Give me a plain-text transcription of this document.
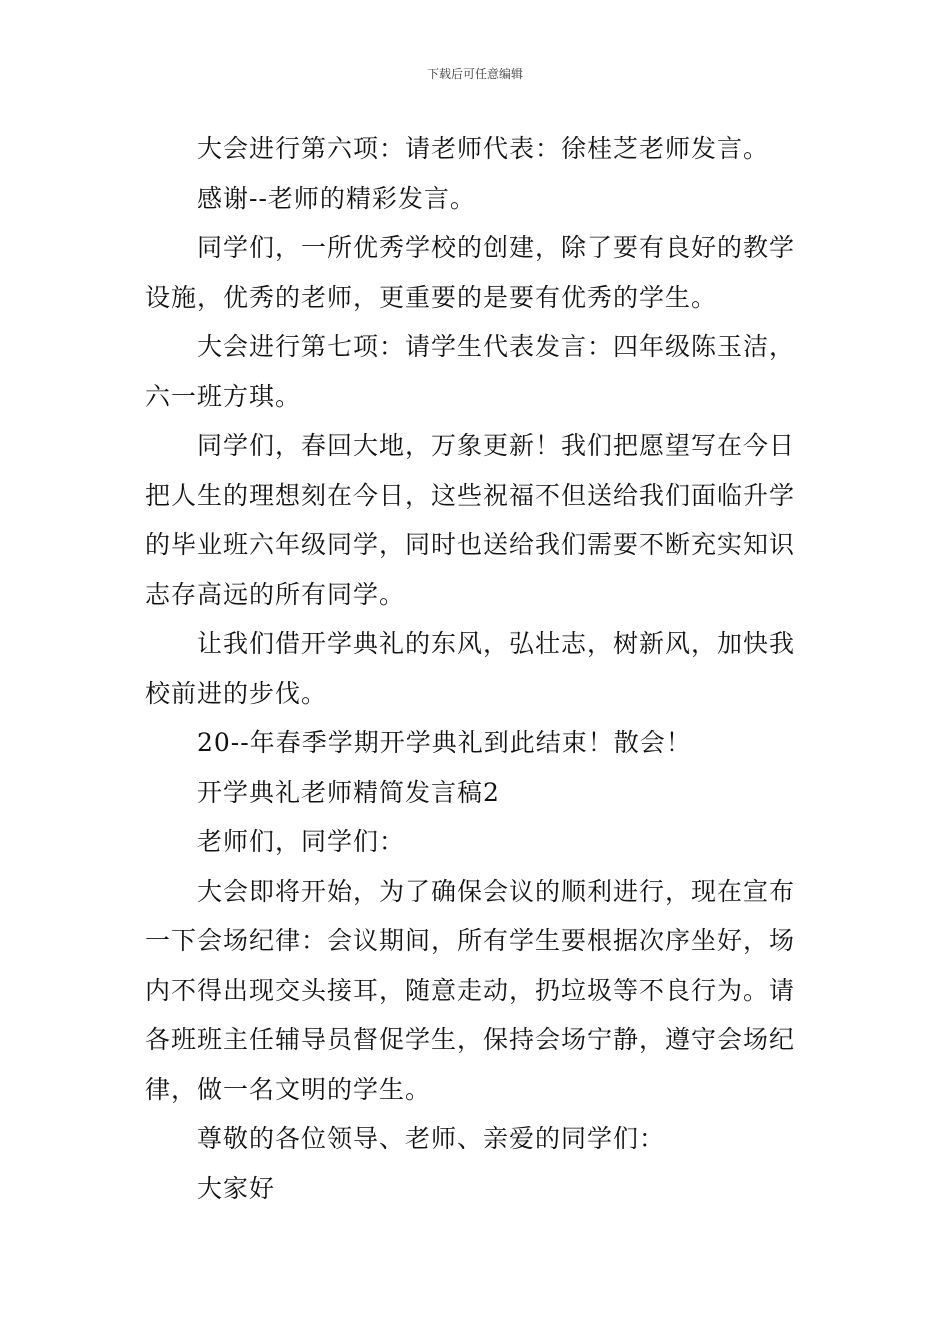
下载后可任意编辑

大会进行第六项：请老师代表：徐桂芝老师发言。

感谢--老师的精彩发言。

同学们，一所优秀学校的创建，除了要有良好的教学设施，优秀的老师，更重要的是要有优秀的学生。

大会进行第七项：请学生代表发言：四年级陈玉洁，六一班方琪。

同学们，春回大地，万象更新！我们把愿望写在今日把人生的理想刻在今日，这些祝福不但送给我们面临升学的毕业班六年级同学，同时也送给我们需要不断充实知识志存高远的所有同学。

让我们借开学典礼的东风，弘壮志，树新风，加快我校前进的步伐。

20--年春季学期开学典礼到此结束！散会！

开学典礼老师精简发言稿2

老师们，同学们：

大会即将开始，为了确保会议的顺利进行，现在宣布一下会场纪律：会议期间，所有学生要根据次序坐好，场内不得出现交头接耳，随意走动，扔垃圾等不良行为。请各班班主任辅导员督促学生，保持会场宁静，遵守会场纪律，做一名文明的学生。

尊敬的各位领导、老师、亲爱的同学们：

大家好
